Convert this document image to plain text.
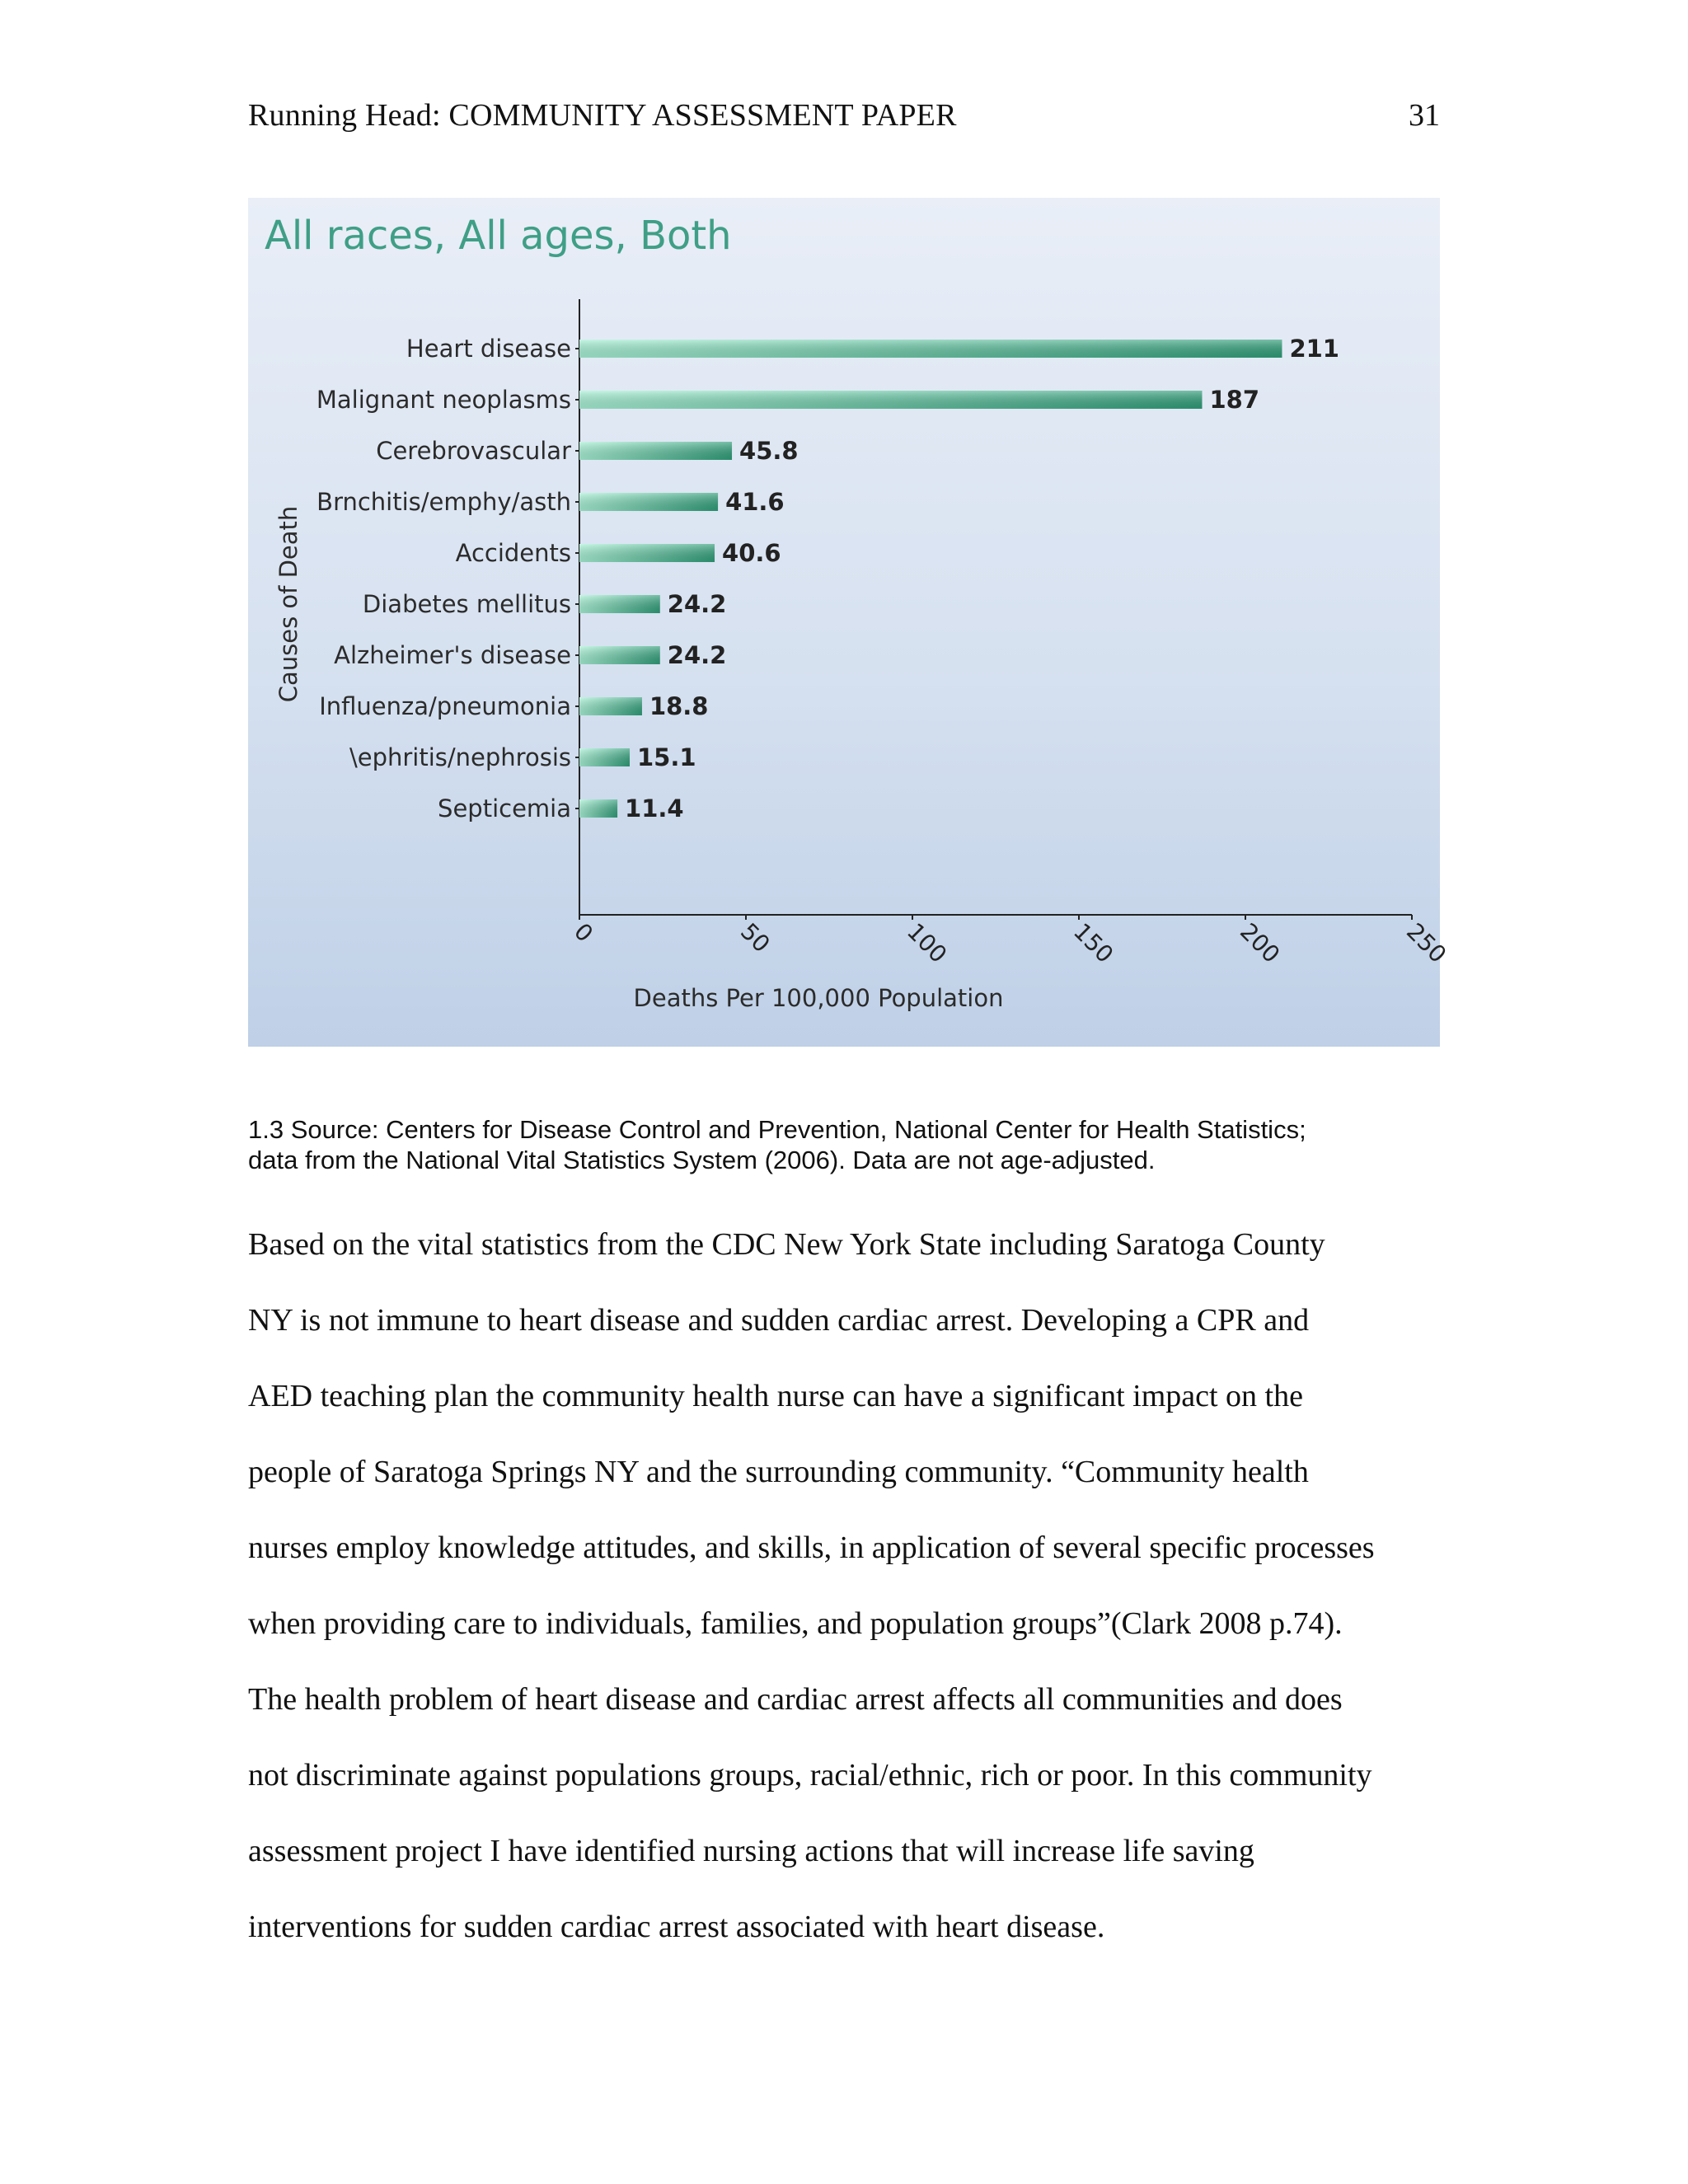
Running Head: COMMUNITY ASSESSMENT PAPER	31
All races, All ages, Both
Causes of Death
Deaths Per 100,000 Population
0	50	100	150	200	250
Heart disease	211
Malignant neoplasms	187
Cerebrovascular	45.8
Brnchitis/emphy/asth	41.6
Accidents	40.6
Diabetes mellitus	24.2
Alzheimer's disease	24.2
Influenza/pneumonia	18.8
\ephritis/nephrosis	15.1
Septicemia 11.4

1.3 Source: Centers for Disease Control and Prevention, National Center for Health Statistics;

data from the National Vital Statistics System (2006). Data are not age-adjusted.

Based on the vital statistics from the CDC New York State including Saratoga County
NY is not immune to heart disease and sudden cardiac arrest. Developing a CPR and
AED teaching plan the community health nurse can have a significant impact on the
people of Saratoga Springs NY and the surrounding community. “Community health
nurses employ knowledge attitudes, and skills, in application of several specific processes
when providing care to individuals, families, and population groups”(Clark 2008 p.74).
The health problem of heart disease and cardiac arrest affects all communities and does
not discriminate against populations groups, racial/ethnic, rich or poor. In this community
assessment project I have identified nursing actions that will increase life saving
interventions for sudden cardiac arrest associated with heart disease.
